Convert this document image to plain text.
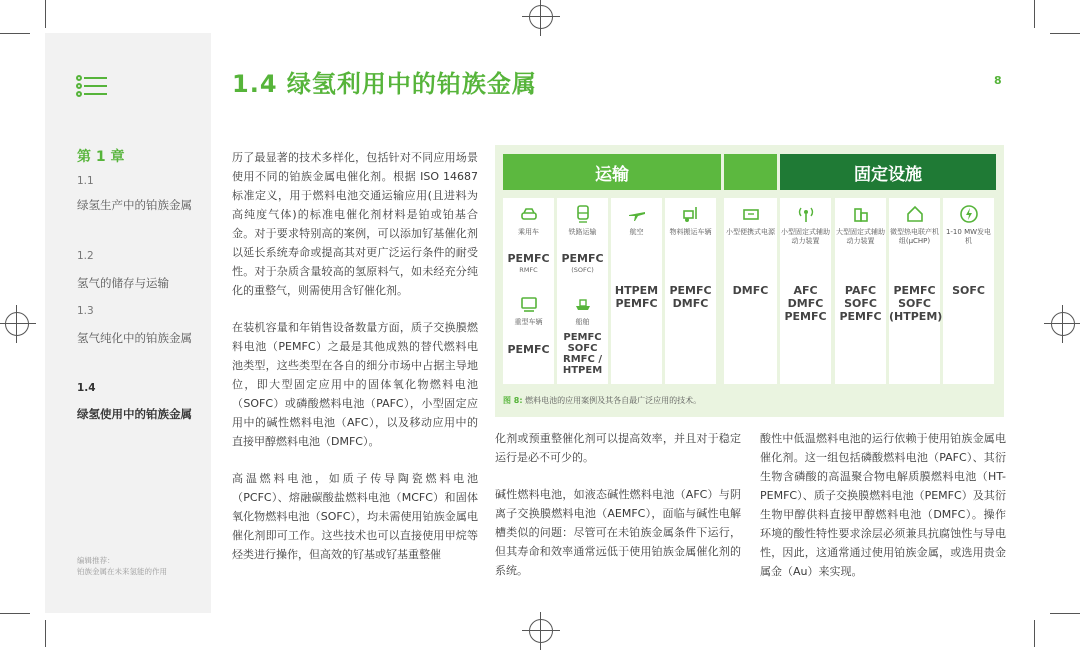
第 1 章
1.1
绿氢生产中的铂族金属
1.2
氢气的储存与运输
1.3
氢气纯化中的铂族金属
1.4
绿氢使用中的铂族金属
编辑推荐：
铂族金属在未来氢能的作用
1.4 绿氢利用中的铂族金属	8

历了最显著的技术多样化，包括针对不同应用场景使用不同的铂族金属电催化剂。根据 ISO 14687 标准定义，用于燃料电池交通运输应用(且进料为高纯度气体)的标准电催化剂材料是铂或铂基合金。对于要求特别高的案例，可以添加钌基催化剂以延长系统寿命或提高其对更广泛运行条件的耐受性。对于杂质含量较高的氢原料气，如未经充分纯化的重整气，则需使用含钌催化剂。

在装机容量和年销售设备数量方面，质子交换膜燃料电池（PEMFC）之最是其他成熟的替代燃料电池类型，这些类型在各自的细分市场中占据主导地位，即大型固定应用中的固体氧化物燃料电池（SOFC）或磷酸燃料电池（PAFC），小型固定应用中的碱性燃料电池（AFC），以及移动应用中的直接甲醇燃料电池（DMFC）。

高温燃料电池，如质子传导陶瓷燃料电池（PCFC）、熔融碳酸盐燃料电池（MCFC）和固体氧化物燃料电池（SOFC），均未需使用铂族金属电催化剂即可工作。这些技术也可以直接使用甲烷等烃类进行操作，但高效的钌基或钌基重整催

化剂或预重整催化剂可以提高效率，并且对于稳定运行是必不可少的。

碱性燃料电池，如液态碱性燃料电池（AFC）与阴离子交换膜燃料电池（AEMFC），面临与碱性电解槽类似的问题：尽管可在未铂族金属条件下运行，但其寿命和效率通常远低于使用铂族金属催化剂的系统。

酸性中低温燃料电池的运行依赖于使用铂族金属电催化剂。这一组包括磷酸燃料电池（PAFC）、其衍生物含磷酸的高温聚合物电解质膜燃料电池（HT-PEMFC）、质子交换膜燃料电池（PEMFC）及其衍生物甲醇供料直接甲醇燃料电池（DMFC）。操作环境的酸性特性要求涂层必须兼具抗腐蚀性与导电性，因此，这通常通过使用铂族金属，或选用贵金属金（Au）来实现。

运输	固定设施
乘用车
PEMFC
RMFC
重型车辆
PEMFC
铁路运输
PEMFC
(SOFC)
船舶
PEMFC
SOFC
RMFC /
HTPEM
航空
HTPEM
PEMFC
物料搬运车辆
PEMFC
DMFC
小型便携式电源
DMFC
小型固定式辅助动力装置
AFC
DMFC
PEMFC
大型固定式辅助动力装置
PAFC
SOFC
PEMFC
微型热电联产机组(μCHP)
PEMFC
SOFC
(HTPEM)
1-10 MW发电机
SOFC
图 8: 燃料电池的应用案例及其各自最广泛应用的技术。
